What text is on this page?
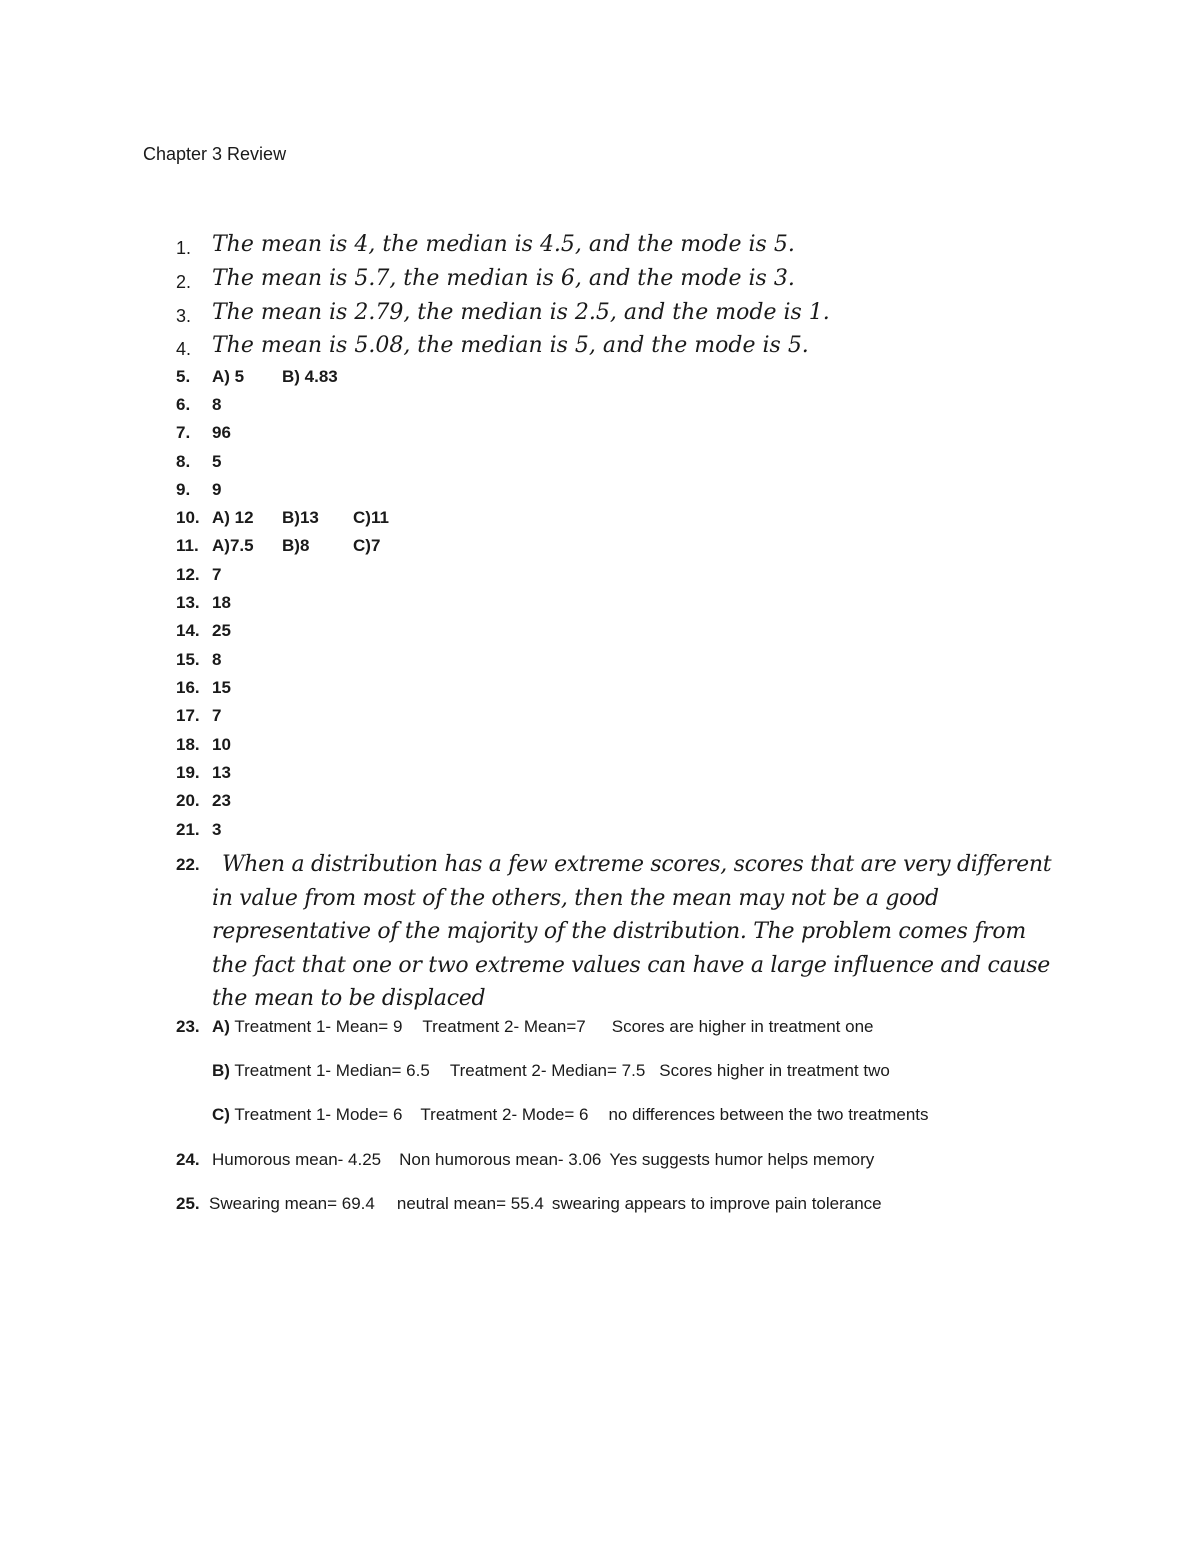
Chapter 3 Review
1. The mean is 4, the median is 4.5, and the mode is 5.
2. The mean is 5.7, the median is 6, and the mode is 3.
3. The mean is 2.79, the median is 2.5, and the mode is 1.
4. The mean is 5.08, the median is 5, and the mode is 5.
5. A) 5 B) 4.83
6. 8
7. 96
8. 5
9. 9
10. A) 12 B)13 C)11
11. A)7.5 B)8	C)7
12. 7
13. 18
14. 25
15. 8
16. 15
17. 7
18. 10
19. 13
20. 23
21. 3
22.	When a distribution has a few extreme scores, scores that are very different
in value from most of the others, then the mean may not be a good
representative of the majority of the distribution. The problem comes from
the fact that one or two extreme values can have a large influence and cause
the mean to be displaced
23. A) Treatment 1- Mean= 9 Treatment 2- Mean=7 Scores are higher in treatment one
B) Treatment 1- Median= 6.5 Treatment 2- Median= 7.5 Scores higher in treatment two
C) Treatment 1- Mode= 6 Treatment 2- Mode= 6 no differences between the two treatments
24. Humorous mean- 4.25 Non humorous mean- 3.06 Yes suggests humor helps memory
25. Swearing mean= 69.4 neutral mean= 55.4 swearing appears to improve pain tolerance
